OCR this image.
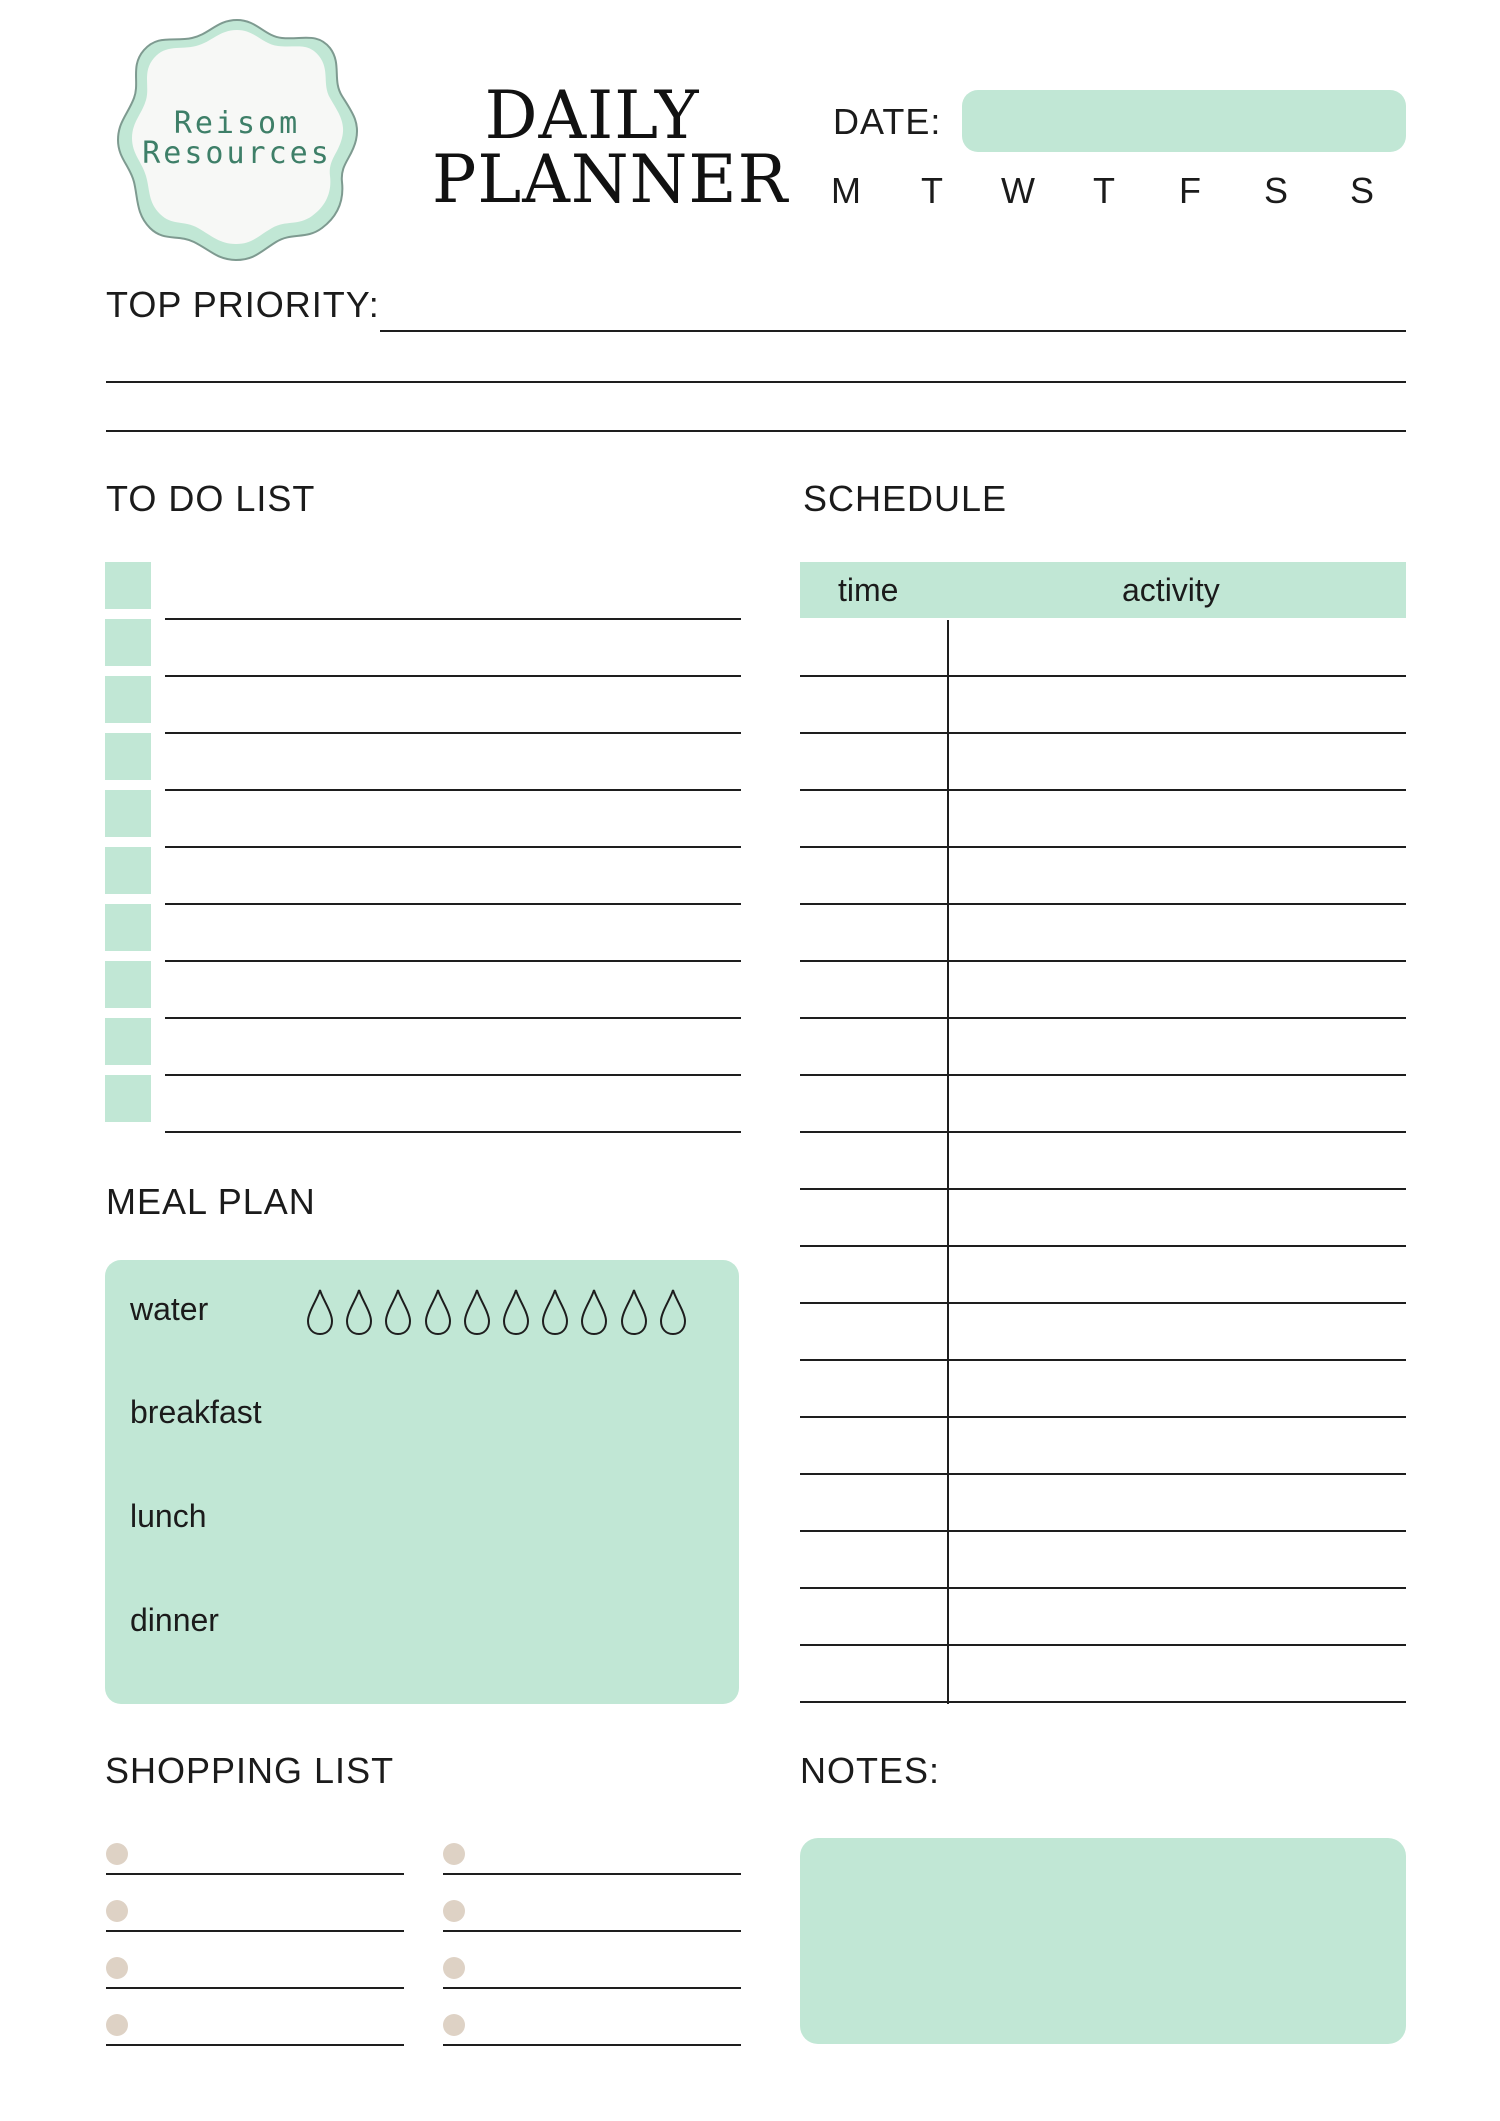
Reisom
Resources	DAILY
PLANNER
DATE:
M T W T F S S
TOP PRIORITY:
TO DO LIST	SCHEDULE
time	activity
MEAL PLAN
water
breakfast
lunch
dinner
SHOPPING LIST	NOTES:
